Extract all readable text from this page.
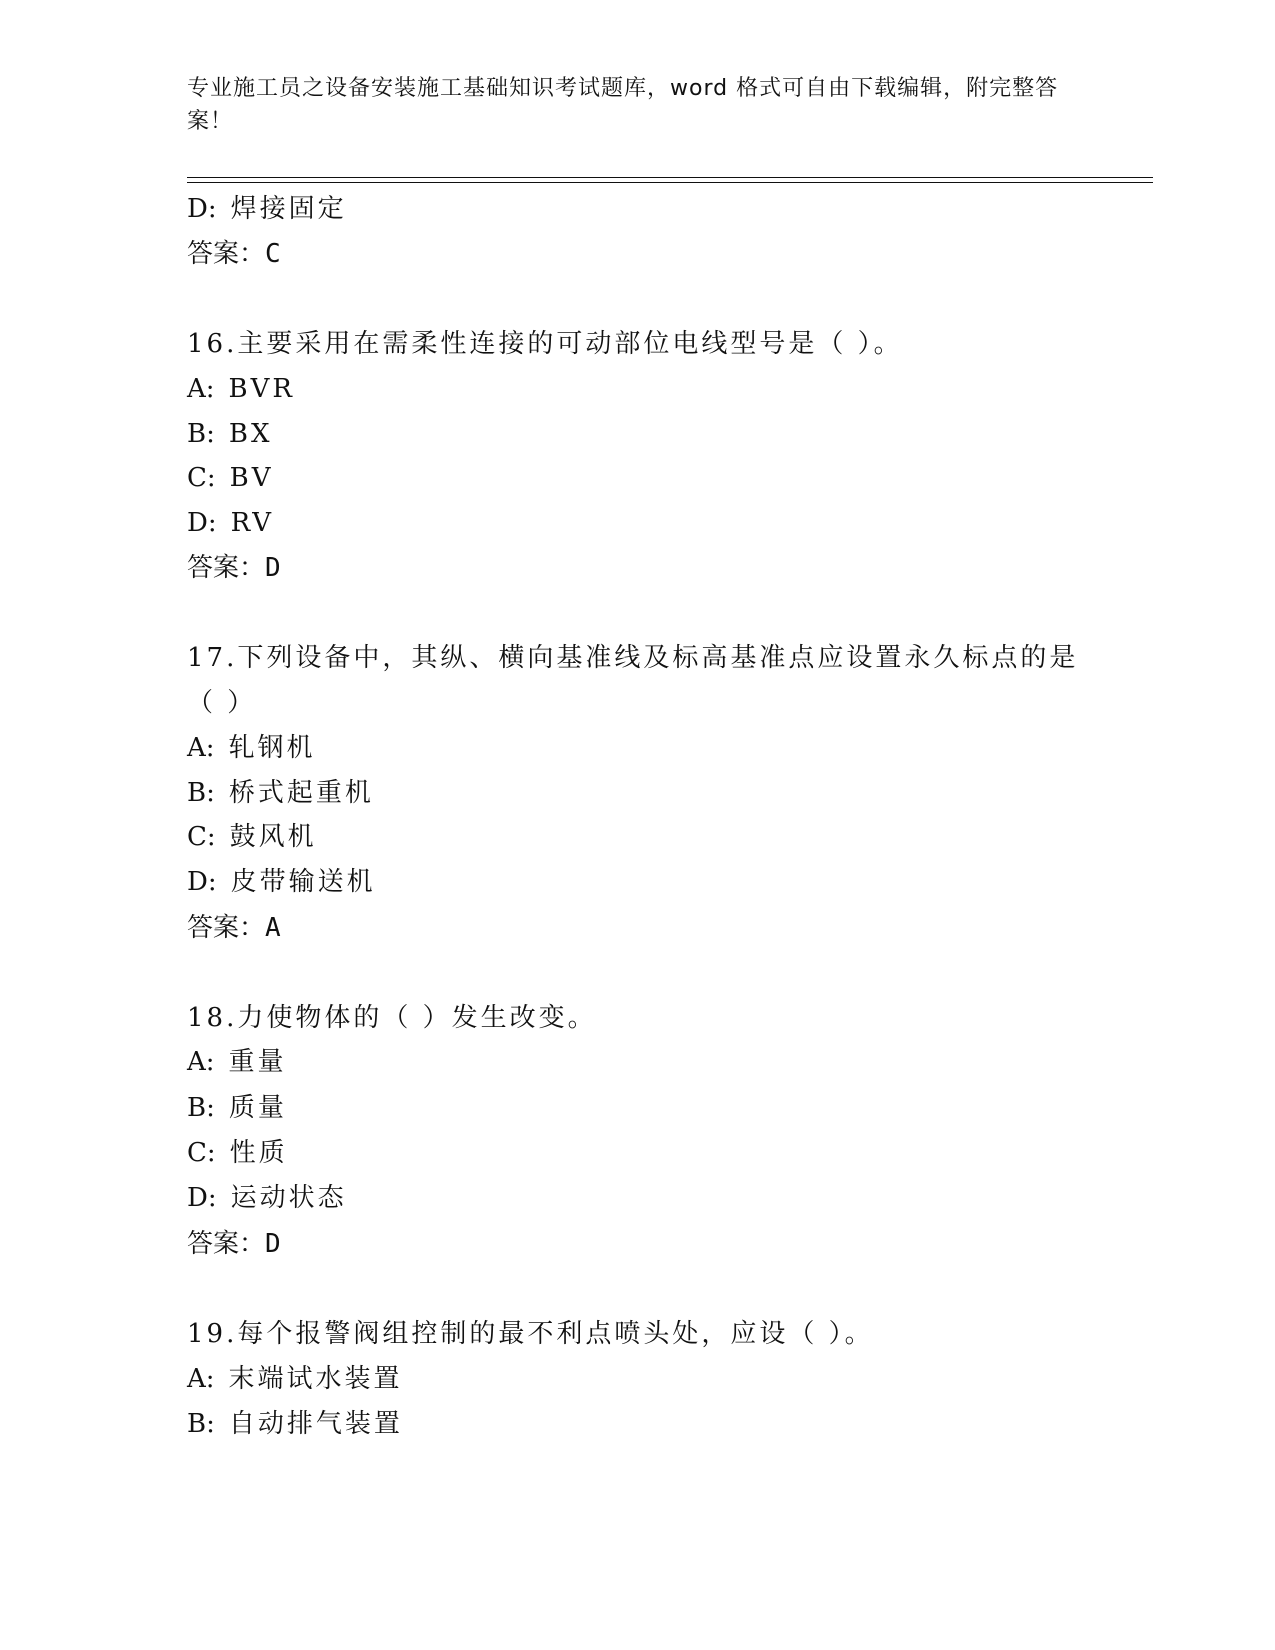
专业施工员之设备安装施工基础知识考试题库，word 格式可自由下载编辑，附完整答案！
D: 焊接固定
答案：C
16.主要采用在需柔性连接的可动部位电线型号是（ ）。
A: BVR
B: BX
C: BV
D: RV
答案：D
17.下列设备中，其纵、横向基准线及标高基准点应设置永久标点的是
（ ）
A: 轧钢机
B: 桥式起重机
C: 鼓风机
D: 皮带输送机
答案：A
18.力使物体的（ ）发生改变。
A: 重量
B: 质量
C: 性质
D: 运动状态
答案：D
19.每个报警阀组控制的最不利点喷头处，应设（ ）。
A: 末端试水装置
B: 自动排气装置
